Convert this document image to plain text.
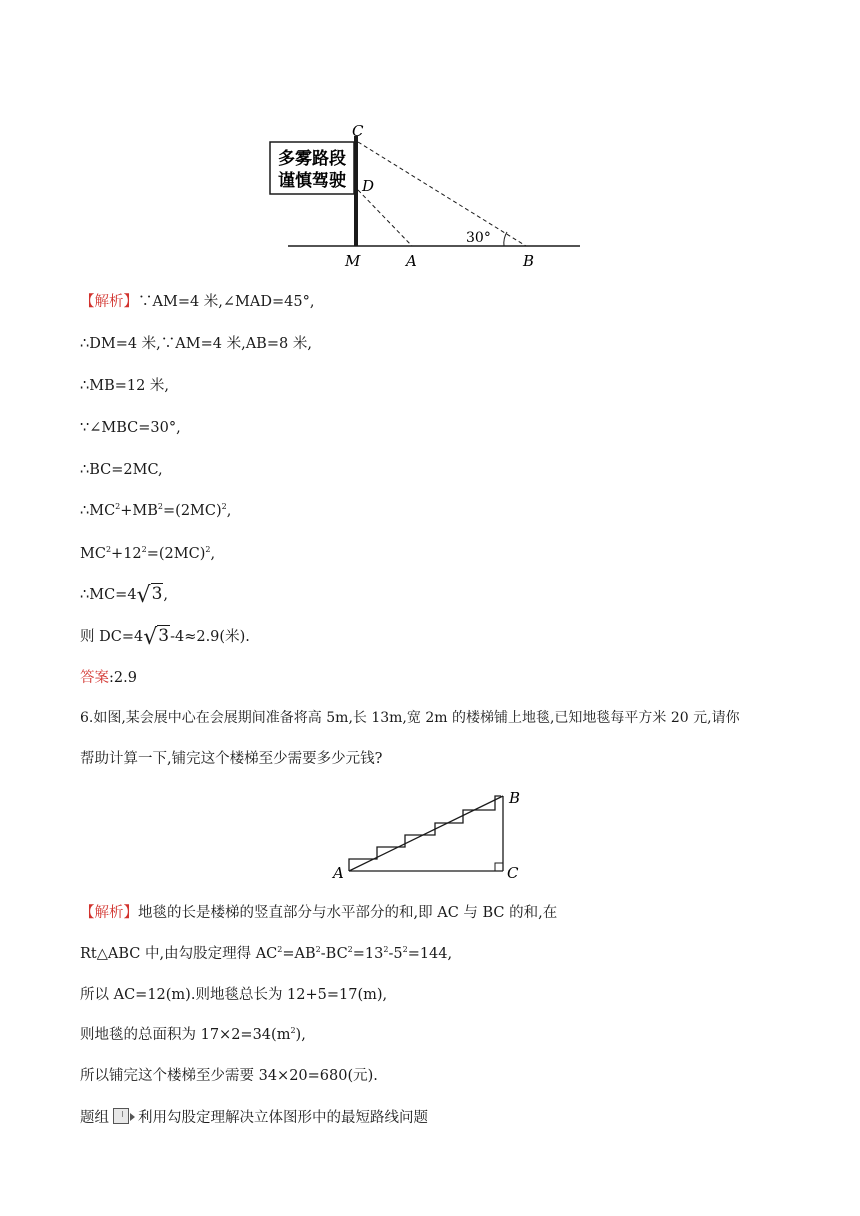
多雾路段
谨慎驾驶
C
D
M	A	B
30°
【解析】∵AM=4 米,∠MAD=45°,
∴DM=4 米,∵AM=4 米,AB=8 米,
∴MB=12 米,
∵∠MBC=30°,
∴BC=2MC,
$\therefore MC^2+MB^2=(2MC)^2$,
$MC^2+12^2=(2MC)^2$,
∴MC=4√3,
则 DC=4√3-4≈2.9(米).
答案:2.9
6.如图,某会展中心在会展期间准备将高 5m,长 13m,宽 2m 的楼梯铺上地毯,已知地毯每平方米 20 元,请你
帮助计算一下,铺完这个楼梯至少需要多少元钱?
A
B
C
【解析】地毯的长是楼梯的竖直部分与水平部分的和,即 AC 与 BC 的和,在
Rt△ABC 中,由勾股定理得 $AC^2=AB^2-BC^2=13^2-5^2=144$,
所以 AC=12(m).则地毯总长为 12+5=17(m),
则地毯的总面积为 $17\times 2=34(m^2)$,
所以铺完这个楼梯至少需要 34×20=680(元).
题组 利用勾股定理解决立体图形中的最短路线问题
